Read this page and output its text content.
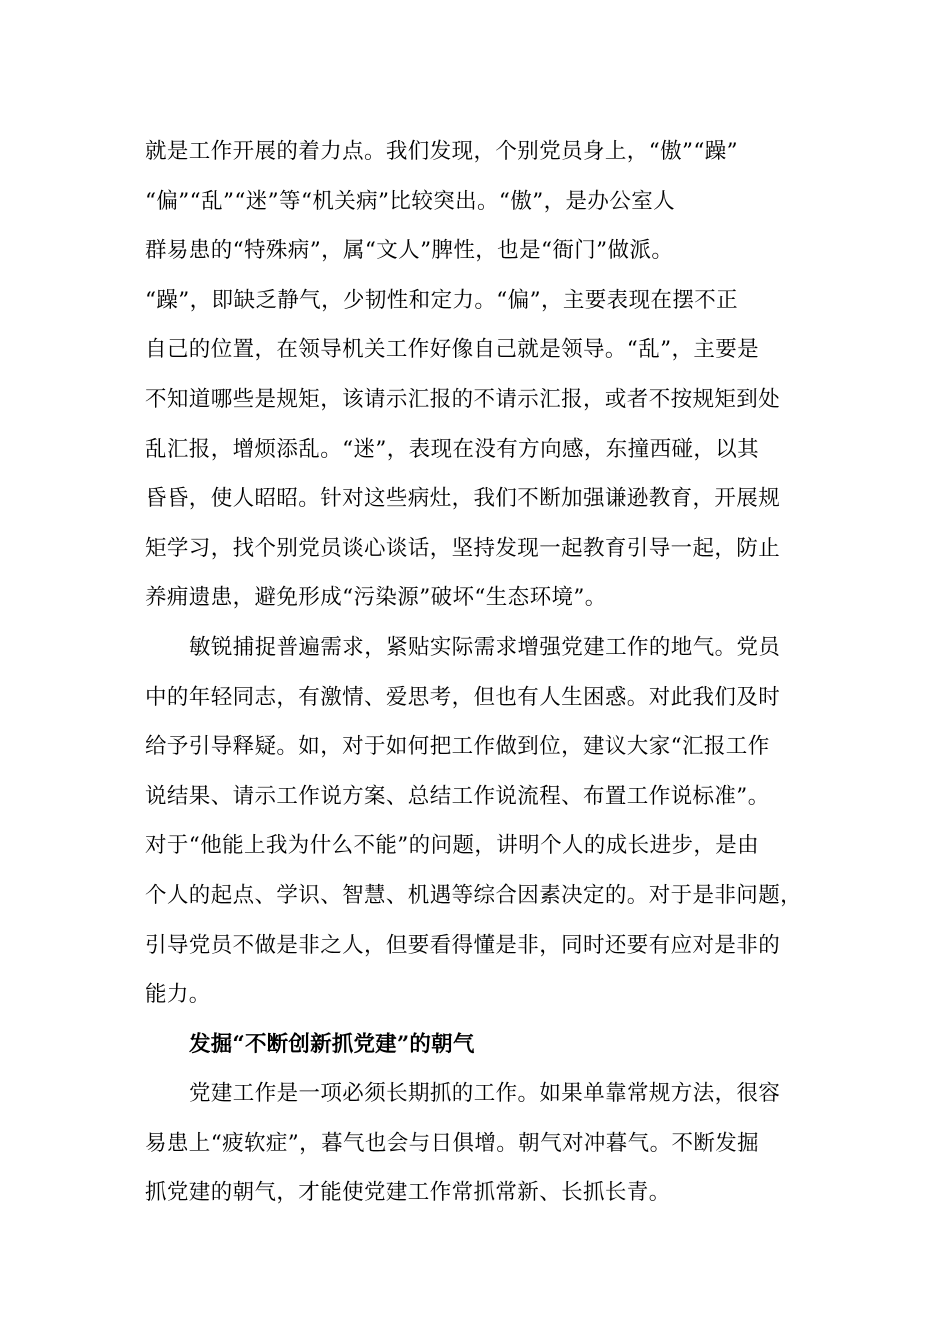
就是工作开展的着力点。我们发现，个别党员身上，“傲”“躁”
“偏”“乱”“迷”等“机关病”比较突出。“傲”，是办公室人
群易患的“特殊病”，属“文人”脾性，也是“衙门”做派。
“躁”，即缺乏静气，少韧性和定力。“偏”，主要表现在摆不正
自己的位置，在领导机关工作好像自己就是领导。“乱”，主要是
不知道哪些是规矩，该请示汇报的不请示汇报，或者不按规矩到处
乱汇报，增烦添乱。“迷”，表现在没有方向感，东撞西碰，以其
昏昏，使人昭昭。针对这些病灶，我们不断加强谦逊教育，开展规
矩学习，找个别党员谈心谈话，坚持发现一起教育引导一起，防止
养痈遗患，避免形成“污染源”破坏“生态环境”。
敏锐捕捉普遍需求，紧贴实际需求增强党建工作的地气。党员
中的年轻同志，有激情、爱思考，但也有人生困惑。对此我们及时
给予引导释疑。如，对于如何把工作做到位，建议大家“汇报工作
说结果、请示工作说方案、总结工作说流程、布置工作说标准”。
对于“他能上我为什么不能”的问题，讲明个人的成长进步，是由
个人的起点、学识、智慧、机遇等综合因素决定的。对于是非问题，
引导党员不做是非之人，但要看得懂是非，同时还要有应对是非的
能力。
发掘“不断创新抓党建”的朝气
党建工作是一项必须长期抓的工作。如果单靠常规方法，很容
易患上“疲软症”，暮气也会与日俱增。朝气对冲暮气。不断发掘
抓党建的朝气，才能使党建工作常抓常新、长抓长青。
